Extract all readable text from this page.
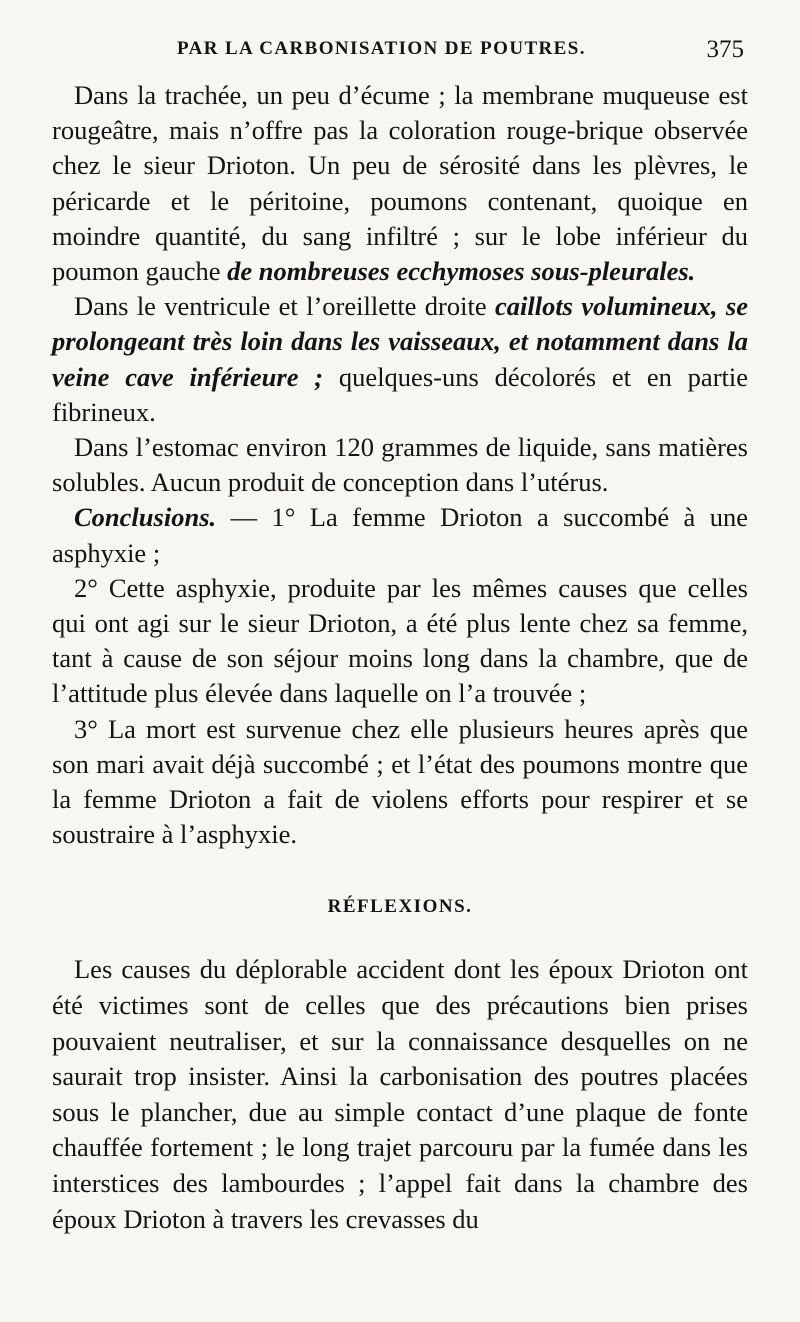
PAR LA CARBONISATION DE POUTRES.	375

Dans la trachée, un peu d’écume ; la membrane muqueuse est rougeâtre, mais n’offre pas la coloration rouge-brique observée chez le sieur Drioton. Un peu de sérosité dans les plèvres, le péricarde et le péritoine, poumons contenant, quoique en moindre quantité, du sang infiltré ; sur le lobe inférieur du poumon gauche de nombreuses ecchymoses sous-pleurales.

Dans le ventricule et l’oreillette droite caillots volumineux, se prolongeant très loin dans les vaisseaux, et notamment dans la veine cave inférieure ; quelques-uns décolorés et en partie fibrineux.

Dans l’estomac environ 120 grammes de liquide, sans matières solubles. Aucun produit de conception dans l’utérus.

Conclusions. — 1° La femme Drioton a succombé à une asphyxie ;

2° Cette asphyxie, produite par les mêmes causes que celles qui ont agi sur le sieur Drioton, a été plus lente chez sa femme, tant à cause de son séjour moins long dans la chambre, que de l’attitude plus élevée dans laquelle on l’a trouvée ;

3° La mort est survenue chez elle plusieurs heures après que son mari avait déjà succombé ; et l’état des poumons montre que la femme Drioton a fait de violens efforts pour respirer et se soustraire à l’asphyxie.

RÉFLEXIONS.

Les causes du déplorable accident dont les époux Drioton ont été victimes sont de celles que des précautions bien prises pouvaient neutraliser, et sur la connaissance desquelles on ne saurait trop insister. Ainsi la carbonisation des poutres placées sous le plancher, due au simple contact d’une plaque de fonte chauffée fortement ; le long trajet parcouru par la fumée dans les interstices des lambourdes ; l’appel fait dans la chambre des époux Drioton à travers les crevasses du
